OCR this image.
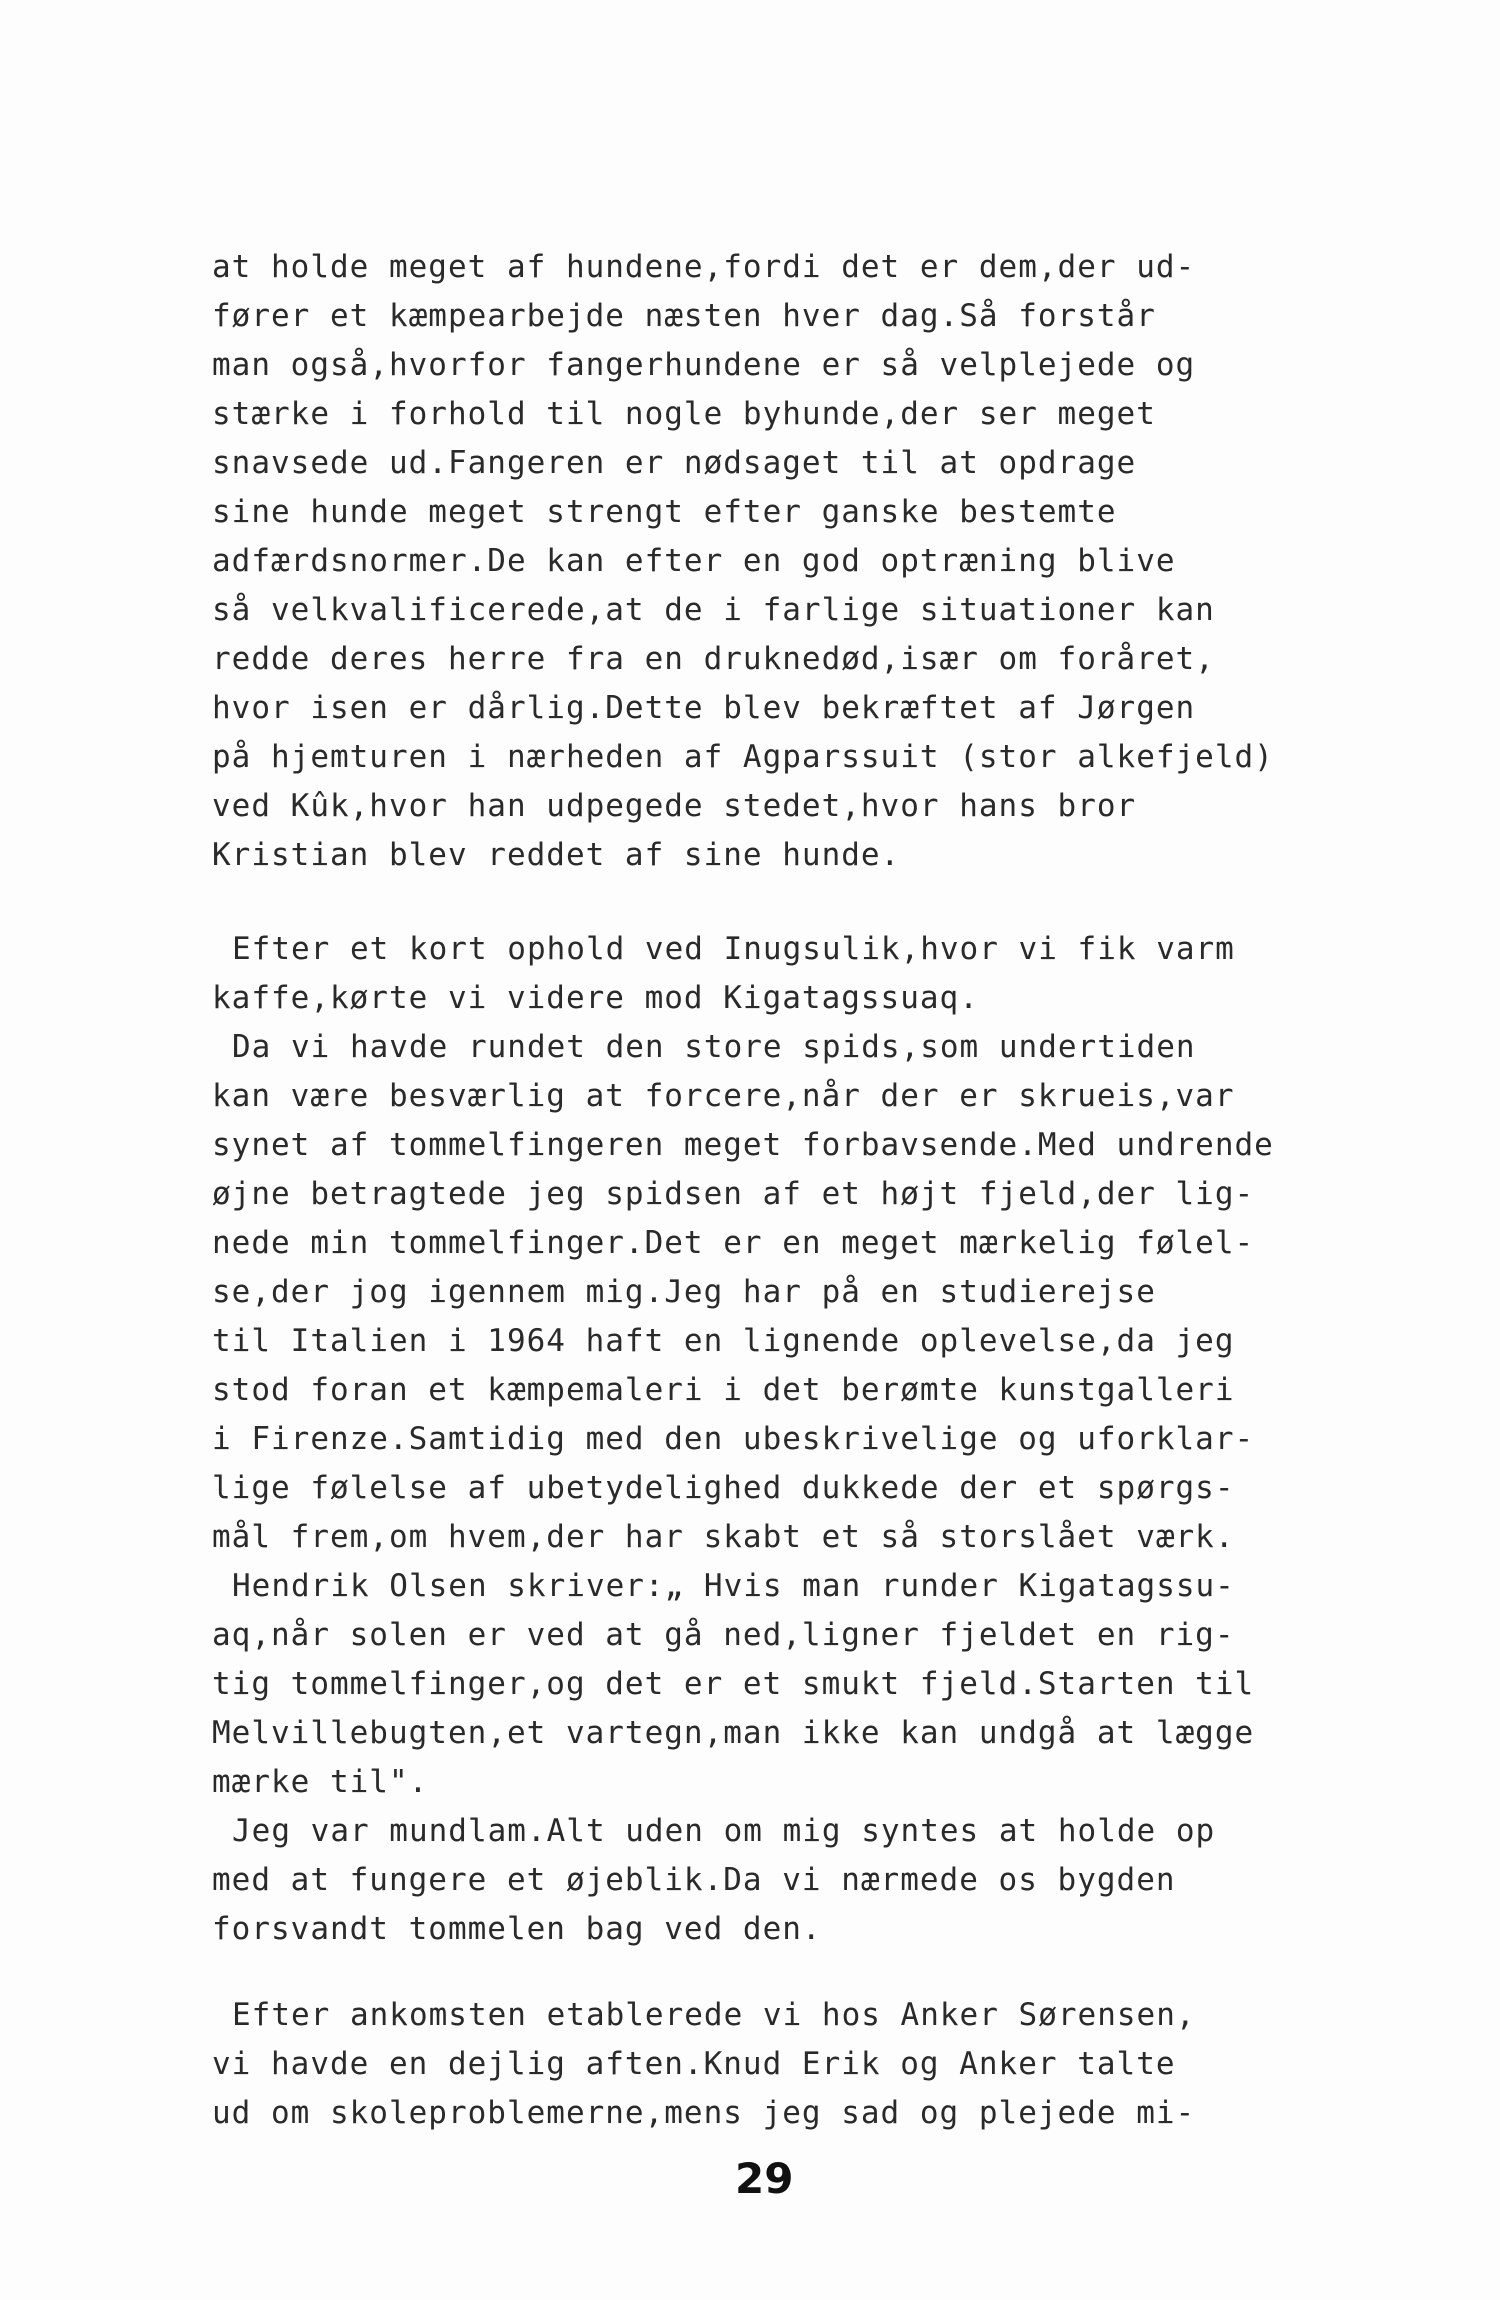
at holde meget af hundene,fordi det er dem,der ud-
fører et kæmpearbejde næsten hver dag.Så forstår
man også,hvorfor fangerhundene er så velplejede og
stærke i forhold til nogle byhunde,der ser meget
snavsede ud.Fangeren er nødsaget til at opdrage
sine hunde meget strengt efter ganske bestemte
adfærdsnormer.De kan efter en god optræning blive
så velkvalificerede,at de i farlige situationer kan
redde deres herre fra en druknedød,især om foråret,
hvor isen er dårlig.Dette blev bekræftet af Jørgen
på hjemturen i nærheden af Agparssuit (stor alkefjeld)
ved Kûk,hvor han udpegede stedet,hvor hans bror
Kristian blev reddet af sine hunde.
Efter et kort ophold ved Inugsulik,hvor vi fik varm
kaffe,kørte vi videre mod Kigatagssuaq.
Da vi havde rundet den store spids,som undertiden
kan være besværlig at forcere,når der er skrueis,var
synet af tommelfingeren meget forbavsende.Med undrende
øjne betragtede jeg spidsen af et højt fjeld,der lig-
nede min tommelfinger.Det er en meget mærkelig følel-
se,der jog igennem mig.Jeg har på en studierejse
til Italien i 1964 haft en lignende oplevelse,da jeg
stod foran et kæmpemaleri i det berømte kunstgalleri
i Firenze.Samtidig med den ubeskrivelige og uforklar-
lige følelse af ubetydelighed dukkede der et spørgs-
mål frem,om hvem,der har skabt et så storslået værk.
Hendrik Olsen skriver:„ Hvis man runder Kigatagssu-
aq,når solen er ved at gå ned,ligner fjeldet en rig-
tig tommelfinger,og det er et smukt fjeld.Starten til
Melvillebugten,et vartegn,man ikke kan undgå at lægge
mærke til".
Jeg var mundlam.Alt uden om mig syntes at holde op
med at fungere et øjeblik.Da vi nærmede os bygden
forsvandt tommelen bag ved den.
Efter ankomsten etablerede vi hos Anker Sørensen,
vi havde en dejlig aften.Knud Erik og Anker talte
ud om skoleproblemerne,mens jeg sad og plejede mi-
29
